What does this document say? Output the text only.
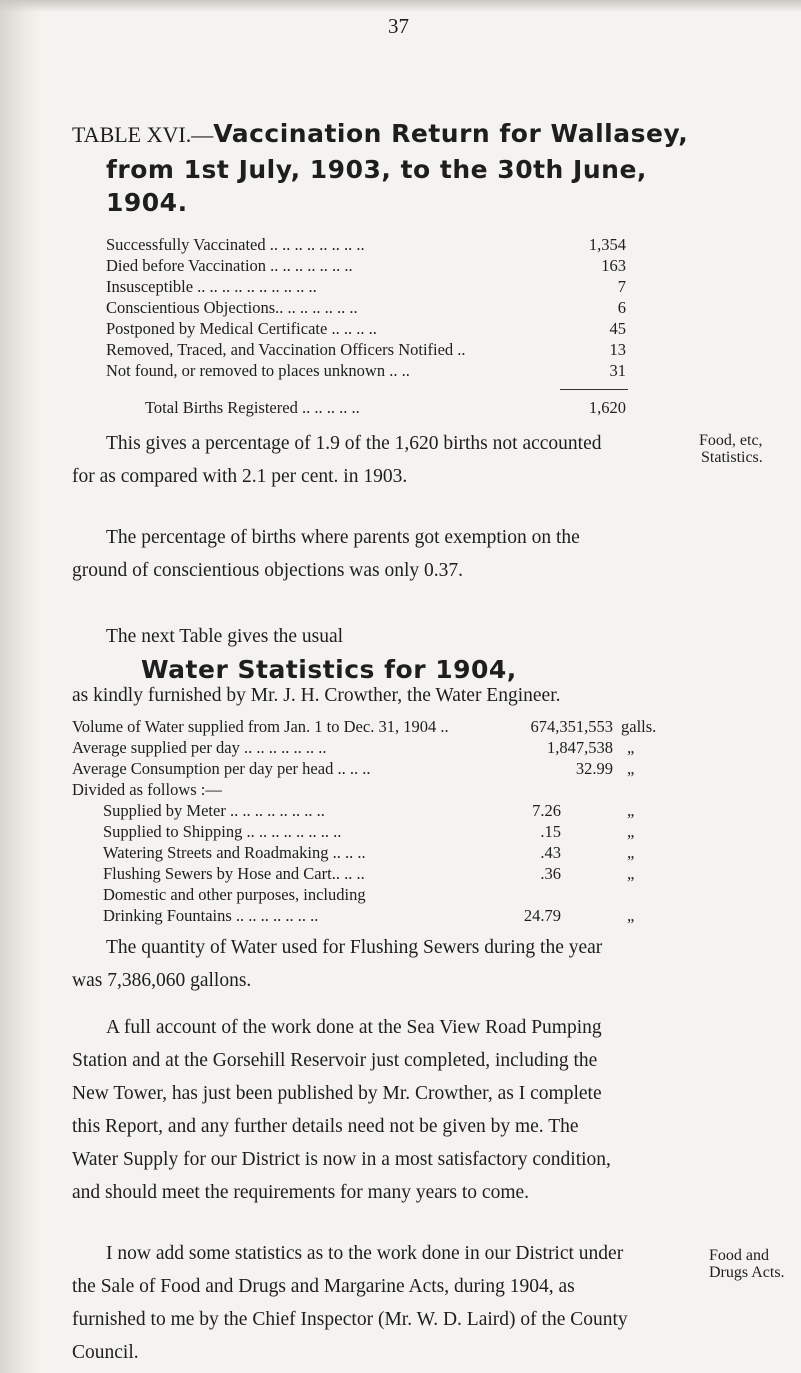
37
TABLE XVI.—Vaccination Return for Wallasey,
from 1st July, 1903, to the 30th June,
1904.
Successfully Vaccinated .. .. .. .. .. .. .. ..	1,354
Died before Vaccination .. .. .. .. .. .. ..	163
Insusceptible .. .. .. .. .. .. .. .. .. ..	7
Conscientious Objections.. .. .. .. .. .. ..	6
Postponed by Medical Certificate .. .. .. ..	45
Removed, Traced, and Vaccination Officers Notified ..	13
Not found, or removed to places unknown .. ..	31
Total Births Registered .. .. .. .. ..	1,620
This gives a percentage of 1.9 of the 1,620 births not accounted
for as compared with 2.1 per cent. in 1903.
Food, etc,
Statistics.
The percentage of births where parents got exemption on the
ground of conscientious objections was only 0.37.
The next Table gives the usual
Water Statistics for 1904,
as kindly furnished by Mr. J. H. Crowther, the Water Engineer.
Volume of Water supplied from Jan. 1 to Dec. 31, 1904 ..	674,351,553 galls.
Average supplied per day .. .. .. .. .. .. ..	1,847,538 „
Average Consumption per day per head .. .. ..	32.99 „
Divided as follows :—
Supplied by Meter .. .. .. .. .. .. .. ..	7.26	„
Supplied to Shipping .. .. .. .. .. .. .. ..	.15	„
Watering Streets and Roadmaking .. .. ..	.43	„
Flushing Sewers by Hose and Cart.. .. ..	.36	„
Domestic and other purposes, including
Drinking Fountains .. .. .. .. .. .. ..	24.79	„
The quantity of Water used for Flushing Sewers during the year
was 7,386,060 gallons.
A full account of the work done at the Sea View Road Pumping
Station and at the Gorsehill Reservoir just completed, including the
New Tower, has just been published by Mr. Crowther, as I complete
this Report, and any further details need not be given by me. The
Water Supply for our District is now in a most satisfactory condition,
and should meet the requirements for many years to come.
I now add some statistics as to the work done in our District under
the Sale of Food and Drugs and Margarine Acts, during 1904, as
furnished to me by the Chief Inspector (Mr. W. D. Laird) of the County
Council.
Food and
Drugs Acts.
